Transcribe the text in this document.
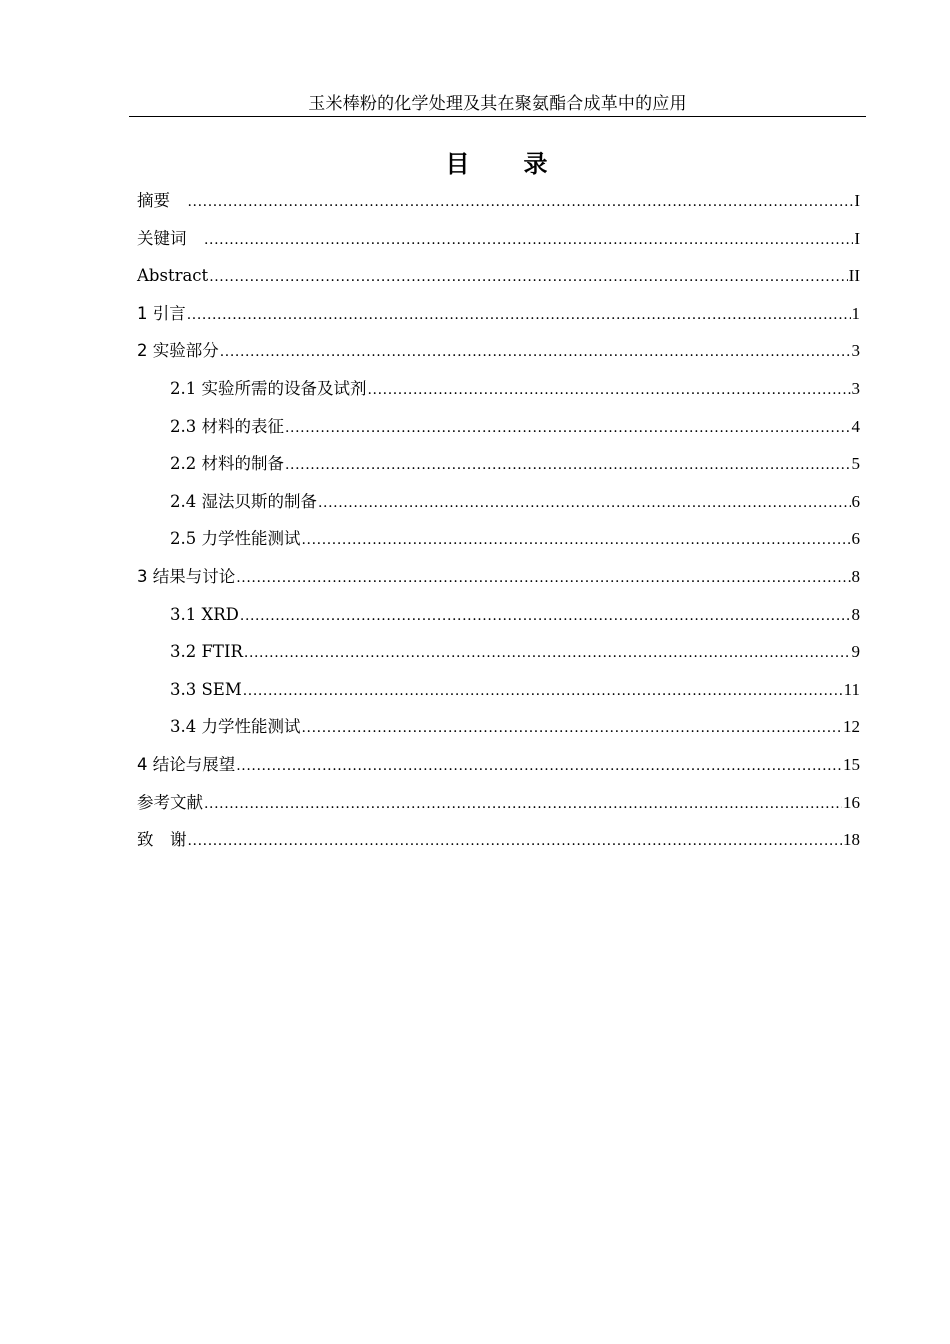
玉米棒粉的化学处理及其在聚氨酯合成革中的应用
目　　录
摘要　 .....	I
关键词　 .....	I
Abstract .....	II
1 引言 .....	1
2 实验部分 .....	3
2.1 实验所需的设备及试剂 .....	3
2.3 材料的表征 .....	4
2.2 材料的制备 .....	5
2.4 湿法贝斯的制备 .....	6
2.5 力学性能测试 .....	6
3 结果与讨论 .....	8
3.1 XRD .....	8
3.2 FTIR .....	9
3.3 SEM .....	11
3.4 力学性能测试 .....	12
4 结论与展望 .....	15
参考文献 .....	16
致　谢 .....	18
